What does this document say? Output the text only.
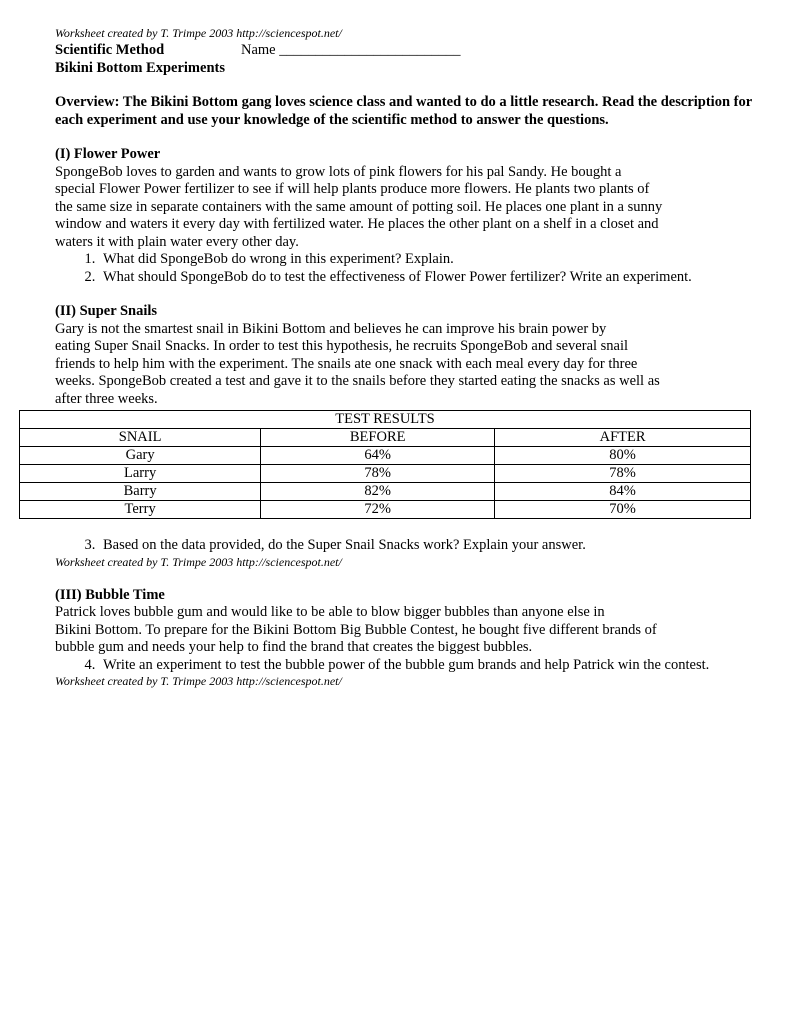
Worksheet created by T. Trimpe 2003 http://sciencespot.net/

Scientific Method	Name _________________________

Bikini Bottom Experiments

Overview: The Bikini Bottom gang loves science class and wanted to do a little research. Read the description for each experiment and use your knowledge of the scientific method to answer the questions.

(I) Flower Power

SpongeBob loves to garden and wants to grow lots of pink flowers for his pal Sandy. He bought a

special Flower Power fertilizer to see if will help plants produce more flowers. He plants two plants of

the same size in separate containers with the same amount of potting soil. He places one plant in a sunny

window and waters it every day with fertilized water. He places the other plant on a shelf in a closet and

waters it with plain water every other day.

1. What did SpongeBob do wrong in this experiment? Explain.
2. What should SpongeBob do to test the effectiveness of Flower Power fertilizer? Write an experiment.

(II) Super Snails

Gary is not the smartest snail in Bikini Bottom and believes he can improve his brain power by

eating Super Snail Snacks. In order to test this hypothesis, he recruits SpongeBob and several snail

friends to help him with the experiment. The snails ate one snack with each meal every day for three

weeks. SpongeBob created a test and gave it to the snails before they started eating the snacks as well as

after three weeks.

TEST RESULTS		
SNAIL	BEFORE	AFTER
Gary	64%	80%
Larry	78%	78%
Barry	82%	84%
Terry	72%	70%
3. Based on the data provided, do the Super Snail Snacks work? Explain your answer.

Worksheet created by T. Trimpe 2003 http://sciencespot.net/

(III) Bubble Time

Patrick loves bubble gum and would like to be able to blow bigger bubbles than anyone else in

Bikini Bottom. To prepare for the Bikini Bottom Big Bubble Contest, he bought five different brands of

bubble gum and needs your help to find the brand that creates the biggest bubbles.

4. Write an experiment to test the bubble power of the bubble gum brands and help Patrick win the contest.

Worksheet created by T. Trimpe 2003 http://sciencespot.net/
